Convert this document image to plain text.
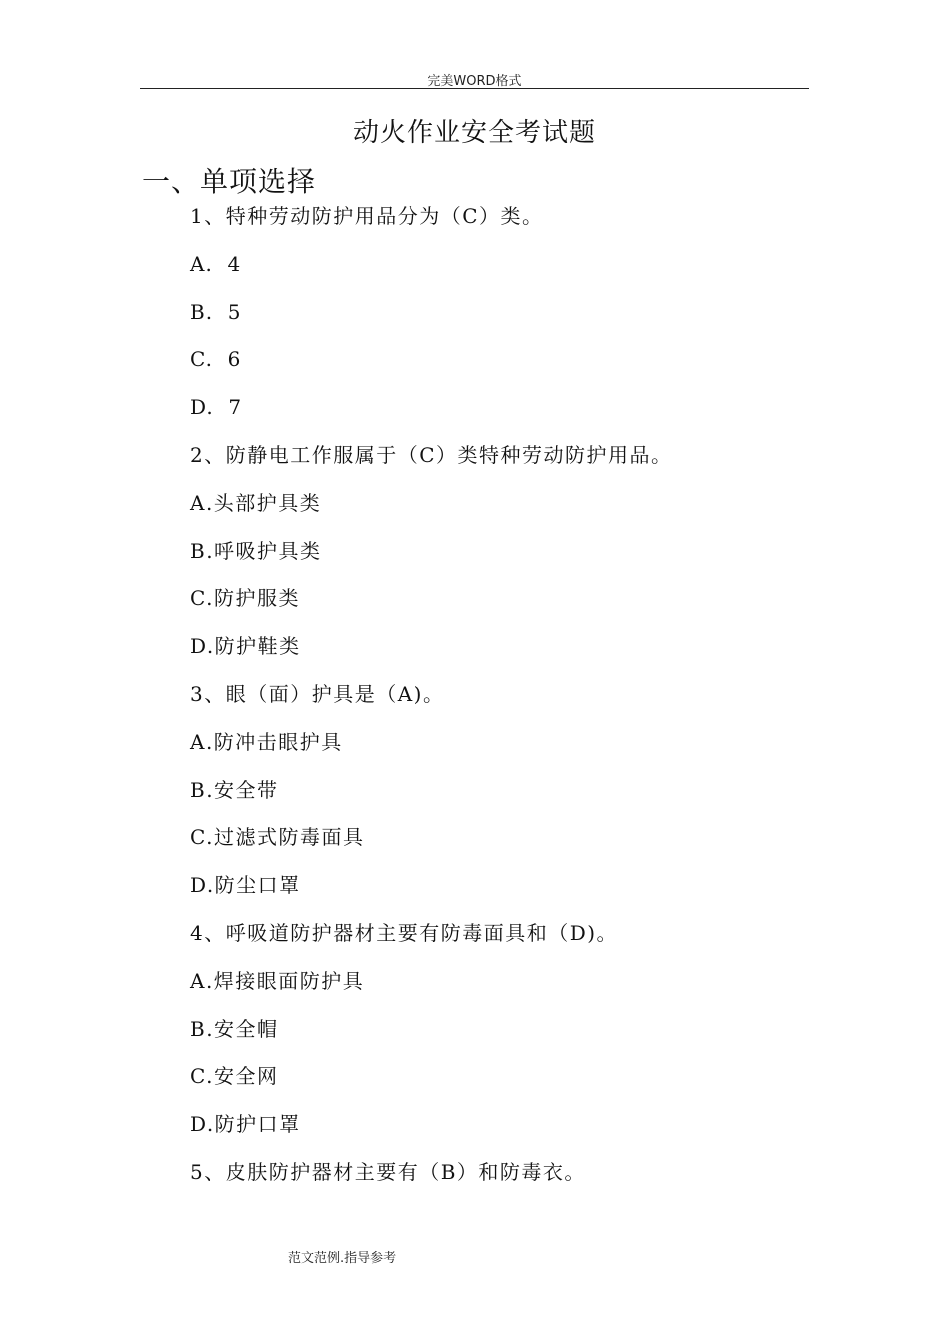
完美WORD格式
动火作业安全考试题
一、单项选择
1、特种劳动防护用品分为（C）类。
A.  4
B.  5
C.  6
D.  7
2、防静电工作服属于（C）类特种劳动防护用品。
A.头部护具类
B.呼吸护具类
C.防护服类
D.防护鞋类
3、眼（面）护具是（A)。
A.防冲击眼护具
B.安全带
C.过滤式防毒面具
D.防尘口罩
4、呼吸道防护器材主要有防毒面具和（D)。
A.焊接眼面防护具
B.安全帽
C.安全网
D.防护口罩
5、皮肤防护器材主要有（B）和防毒衣。
范文范例.指导参考
